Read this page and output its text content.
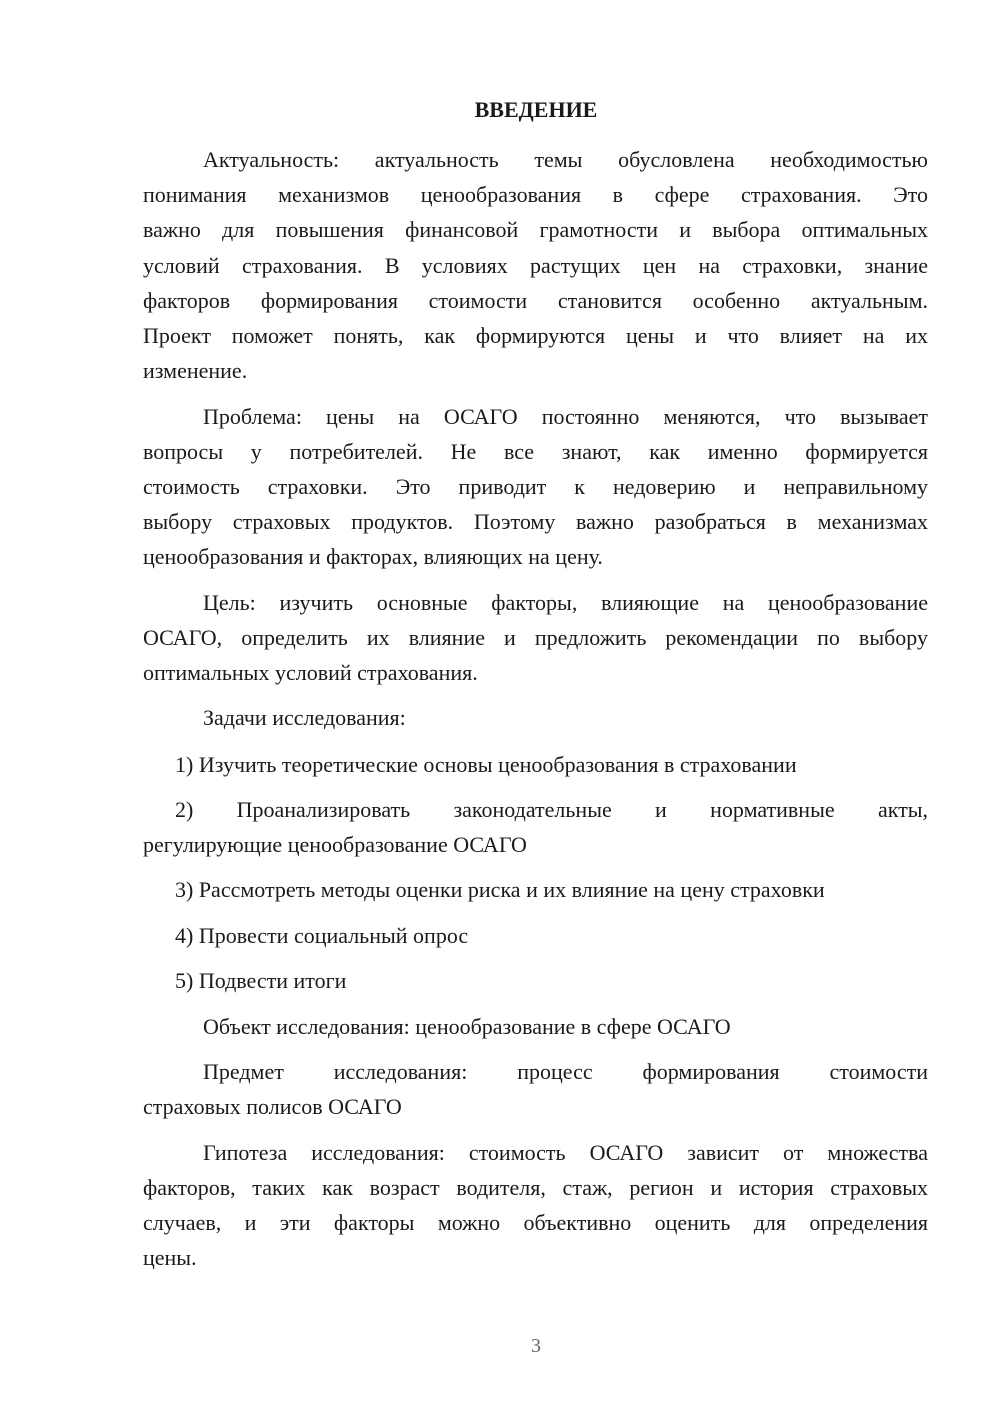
ВВЕДЕНИЕ
Актуальность: актуальность темы обусловлена необходимостью
понимания механизмов ценообразования в сфере страхования. Это
важно для повышения финансовой грамотности и выбора оптимальных
условий страхования. В условиях растущих цен на страховки, знание
факторов формирования стоимости становится особенно актуальным.
Проект поможет понять, как формируются цены и что влияет на их
изменение.
Проблема: цены на ОСАГО постоянно меняются, что вызывает
вопросы у потребителей. Не все знают, как именно формируется
стоимость страховки. Это приводит к недоверию и неправильному
выбору страховых продуктов. Поэтому важно разобраться в механизмах
ценообразования и факторах, влияющих на цену.
Цель: изучить основные факторы, влияющие на ценообразование
ОСАГО, определить их влияние и предложить рекомендации по выбору
оптимальных условий страхования.
Задачи исследования:
1) Изучить теоретические основы ценообразования в страховании
2) Проанализировать законодательные и нормативные акты,
регулирующие ценообразование ОСАГО
3) Рассмотреть методы оценки риска и их влияние на цену страховки
4) Провести социальный опрос
5) Подвести итоги
Объект исследования: ценообразование в сфере ОСАГО
Предмет исследования: процесс формирования стоимости
страховых полисов ОСАГО
Гипотеза исследования: стоимость ОСАГО зависит от множества
факторов, таких как возраст водителя, стаж, регион и история страховых
случаев, и эти факторы можно объективно оценить для определения
цены.
3
